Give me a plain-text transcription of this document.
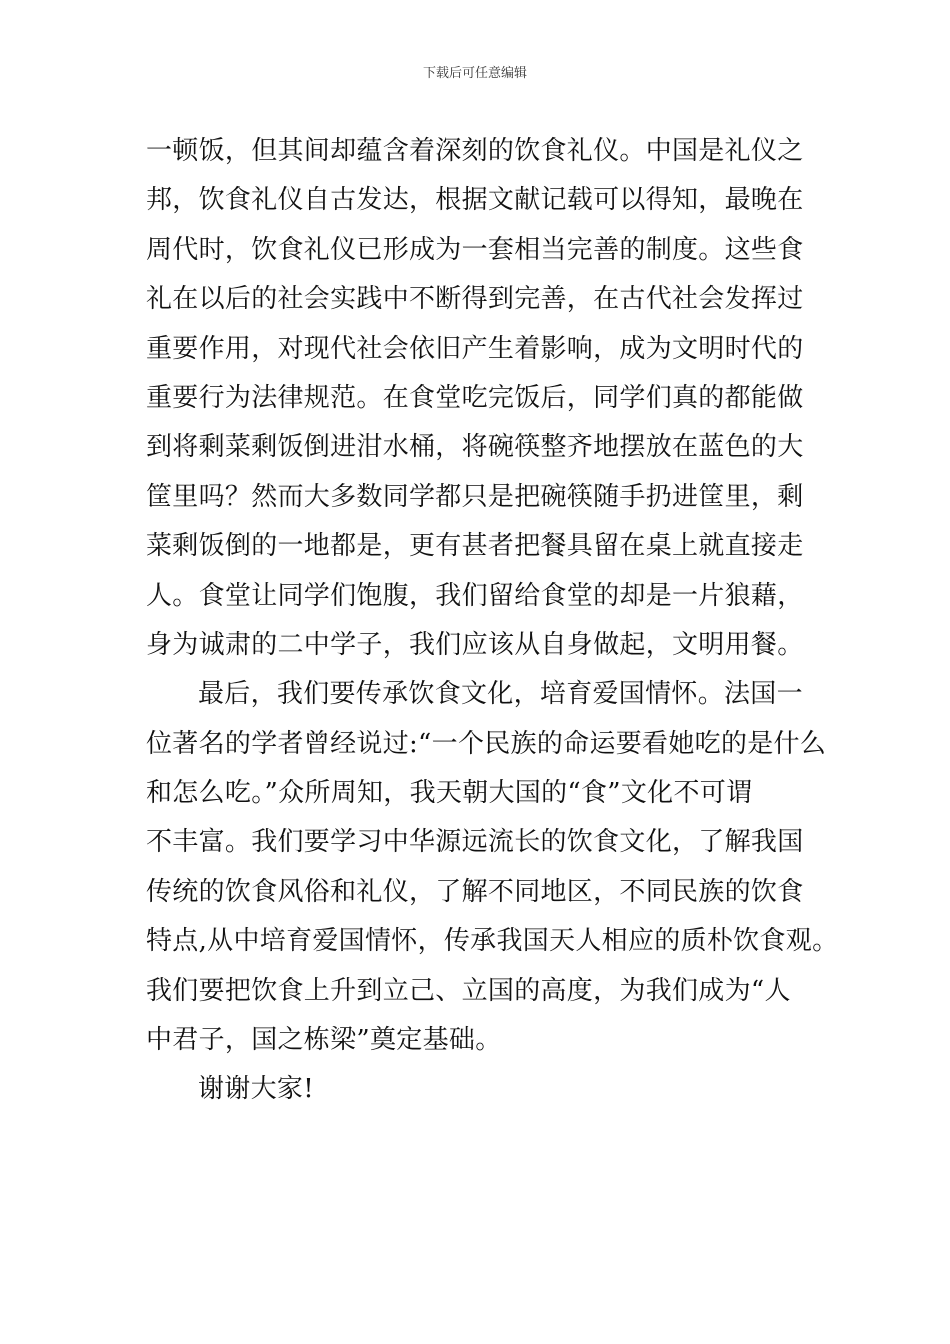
下载后可任意编辑
一顿饭，但其间却蕴含着深刻的饮食礼仪。中国是礼仪之
邦，饮食礼仪自古发达，根据文献记载可以得知，最晚在
周代时，饮食礼仪已形成为一套相当完善的制度。这些食
礼在以后的社会实践中不断得到完善，在古代社会发挥过
重要作用，对现代社会依旧产生着影响，成为文明时代的
重要行为法律规范。在食堂吃完饭后，同学们真的都能做
到将剩菜剩饭倒进泔水桶，将碗筷整齐地摆放在蓝色的大
筐里吗？然而大多数同学都只是把碗筷随手扔进筐里，剩
菜剩饭倒的一地都是，更有甚者把餐具留在桌上就直接走
人。食堂让同学们饱腹，我们留给食堂的却是一片狼藉，
身为诚肃的二中学子，我们应该从自身做起，文明用餐。
最后，我们要传承饮食文化，培育爱国情怀。法国一
位著名的学者曾经说过:“一个民族的命运要看她吃的是什么
和怎么吃。”众所周知，我天朝大国的“食”文化不可谓
不丰富。我们要学习中华源远流长的饮食文化，了解我国
传统的饮食风俗和礼仪，了解不同地区，不同民族的饮食
特点,从中培育爱国情怀，传承我国天人相应的质朴饮食观。
我们要把饮食上升到立己、立国的高度，为我们成为“人
中君子，国之栋梁”奠定基础。
谢谢大家!
